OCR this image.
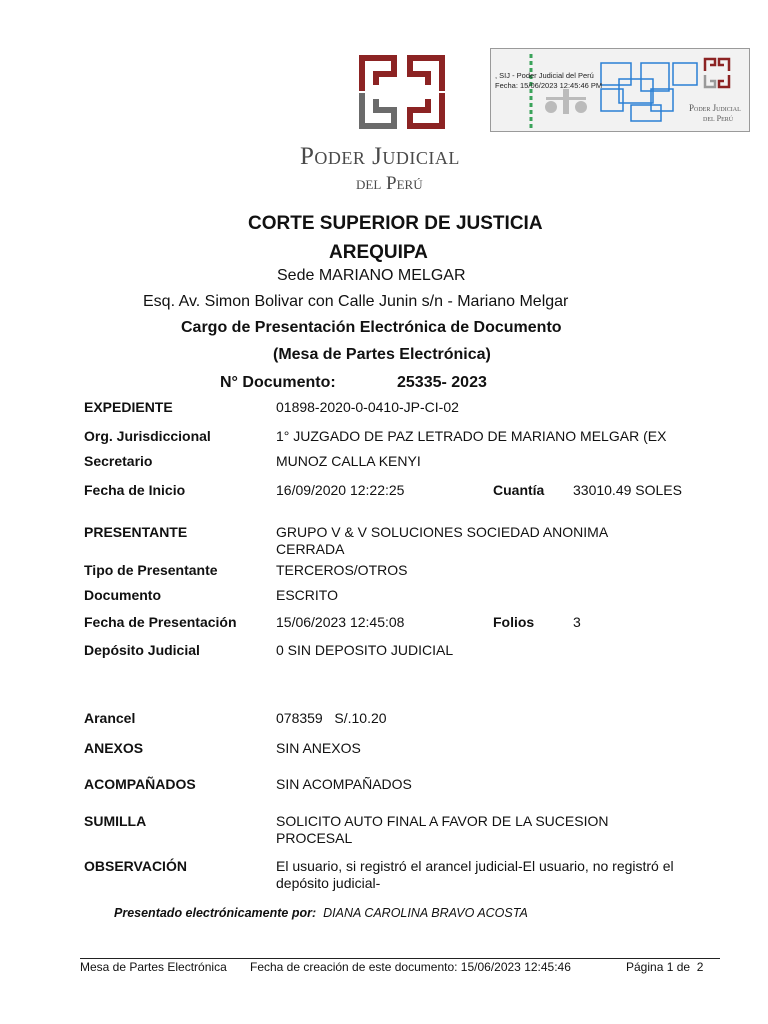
Poder Judicial
del Perú
, SIJ - Poder Judicial del Perú
Fecha: 15/06/2023 12:45:46 PM
Poder Judicial
del Perú
CORTE SUPERIOR DE JUSTICIA
AREQUIPA
Sede MARIANO MELGAR
Esq. Av. Simon Bolivar con Calle Junin s/n - Mariano Melgar
Cargo de Presentación Electrónica de Documento
(Mesa de Partes Electrónica)
N° Documento:	25335- 2023
EXPEDIENTE	01898-2020-0-0410-JP-CI-02
Org. Jurisdiccional	1° JUZGADO DE PAZ LETRADO DE MARIANO MELGAR (EX
Secretario	MUNOZ CALLA KENYI
Fecha de Inicio	16/09/2020 12:22:25	Cuantía 33010.49 SOLES
PRESENTANTE	GRUPO V & V SOLUCIONES SOCIEDAD ANONIMA CERRADA
Tipo de Presentante	TERCEROS/OTROS
Documento	ESCRITO
Fecha de Presentación	15/06/2023 12:45:08	Folios	3
Depósito Judicial	0 SIN DEPOSITO JUDICIAL
Arancel	078359   S/.10.20
ANEXOS	SIN ANEXOS
ACOMPAÑADOS	SIN ACOMPAÑADOS
SUMILLA	SOLICITO AUTO FINAL A FAVOR DE LA SUCESION PROCESAL
OBSERVACIÓN	El usuario, si registró el arancel judicial-El usuario, no registró el depósito judicial-
Presentado electrónicamente por: DIANA CAROLINA BRAVO ACOSTA
Mesa de Partes Electrónica Fecha de creación de este documento: 15/06/2023 12:45:46	Página 1 de  2
